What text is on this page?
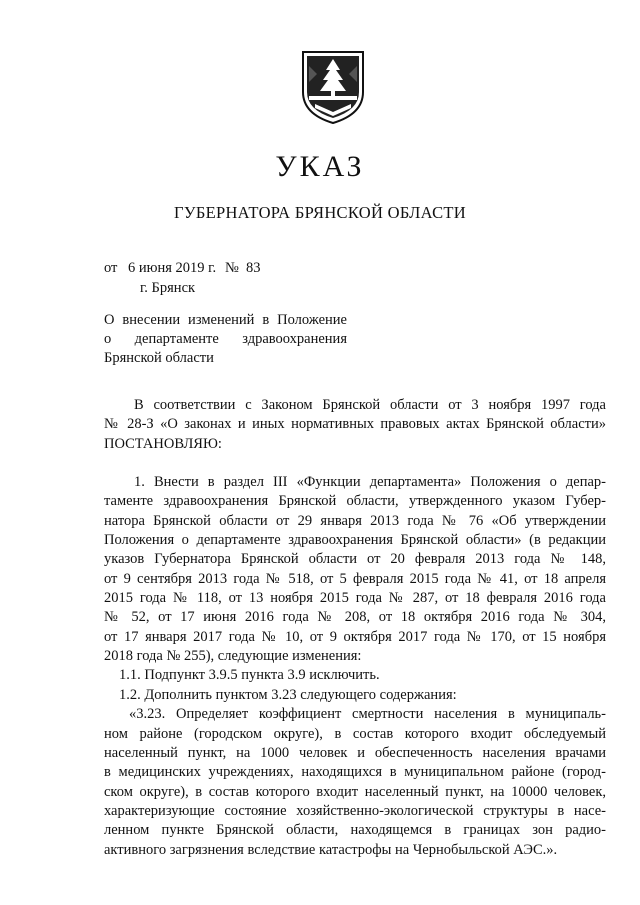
УКАЗ
ГУБЕРНАТОРА БРЯНСКОЙ ОБЛАСТИ
от 6 июня 2019 г. № 83
г. Брянск
О внесении изменений в Положение
о департаменте здравоохранения
Брянской области

В соответствии с Законом Брянской области от 3 ноября 1997 года

№ 28-З «О законах и иных нормативных правовых актах Брянской области»

ПОСТАНОВЛЯЮ:

1. Внести в раздел III «Функции департамента» Положения о депар-

таменте здравоохранения Брянской области, утвержденного указом Губер-

натора Брянской области от 29 января 2013 года № 76 «Об утверждении

Положения о департаменте здравоохранения Брянской области» (в редакции

указов Губернатора Брянской области от 20 февраля 2013 года № 148,

от 9 сентября 2013 года № 518, от 5 февраля 2015 года № 41, от 18 апреля

2015 года № 118, от 13 ноября 2015 года № 287, от 18 февраля 2016 года

№ 52, от 17 июня 2016 года № 208, от 18 октября 2016 года № 304,

от 17 января 2017 года № 10, от 9 октября 2017 года № 170, от 15 ноября

2018 года № 255), следующие изменения:

1.1. Подпункт 3.9.5 пункта 3.9 исключить.

1.2. Дополнить пунктом 3.23 следующего содержания:

«3.23. Определяет коэффициент смертности населения в муниципаль-

ном районе (городском округе), в состав которого входит обследуемый

населенный пункт, на 1000 человек и обеспеченность населения врачами

в медицинских учреждениях, находящихся в муниципальном районе (город-

ском округе), в состав которого входит населенный пункт, на 10000 человек,

характеризующие состояние хозяйственно-экологической структуры в насе-

ленном пункте Брянской области, находящемся в границах зон радио-

активного загрязнения вследствие катастрофы на Чернобыльской АЭС.».
